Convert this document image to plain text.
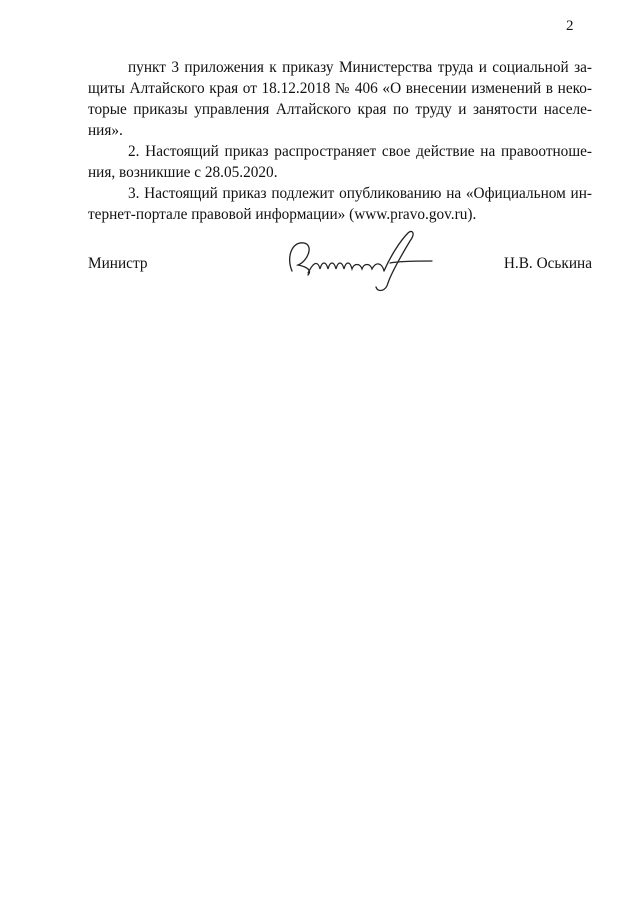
2
пункт 3 приложения к приказу Министерства труда и социальной за-
щиты Алтайского края от 18.12.2018 № 406 «О внесении изменений в неко-
торые приказы управления Алтайского края по труду и занятости населе-
ния».
2. Настоящий приказ распространяет свое действие на правоотноше-
ния, возникшие с 28.05.2020.
3. Настоящий приказ подлежит опубликованию на «Официальном ин-
тернет-портале правовой информации» (www.pravo.gov.ru).
Министр	Н.В. Оськина
